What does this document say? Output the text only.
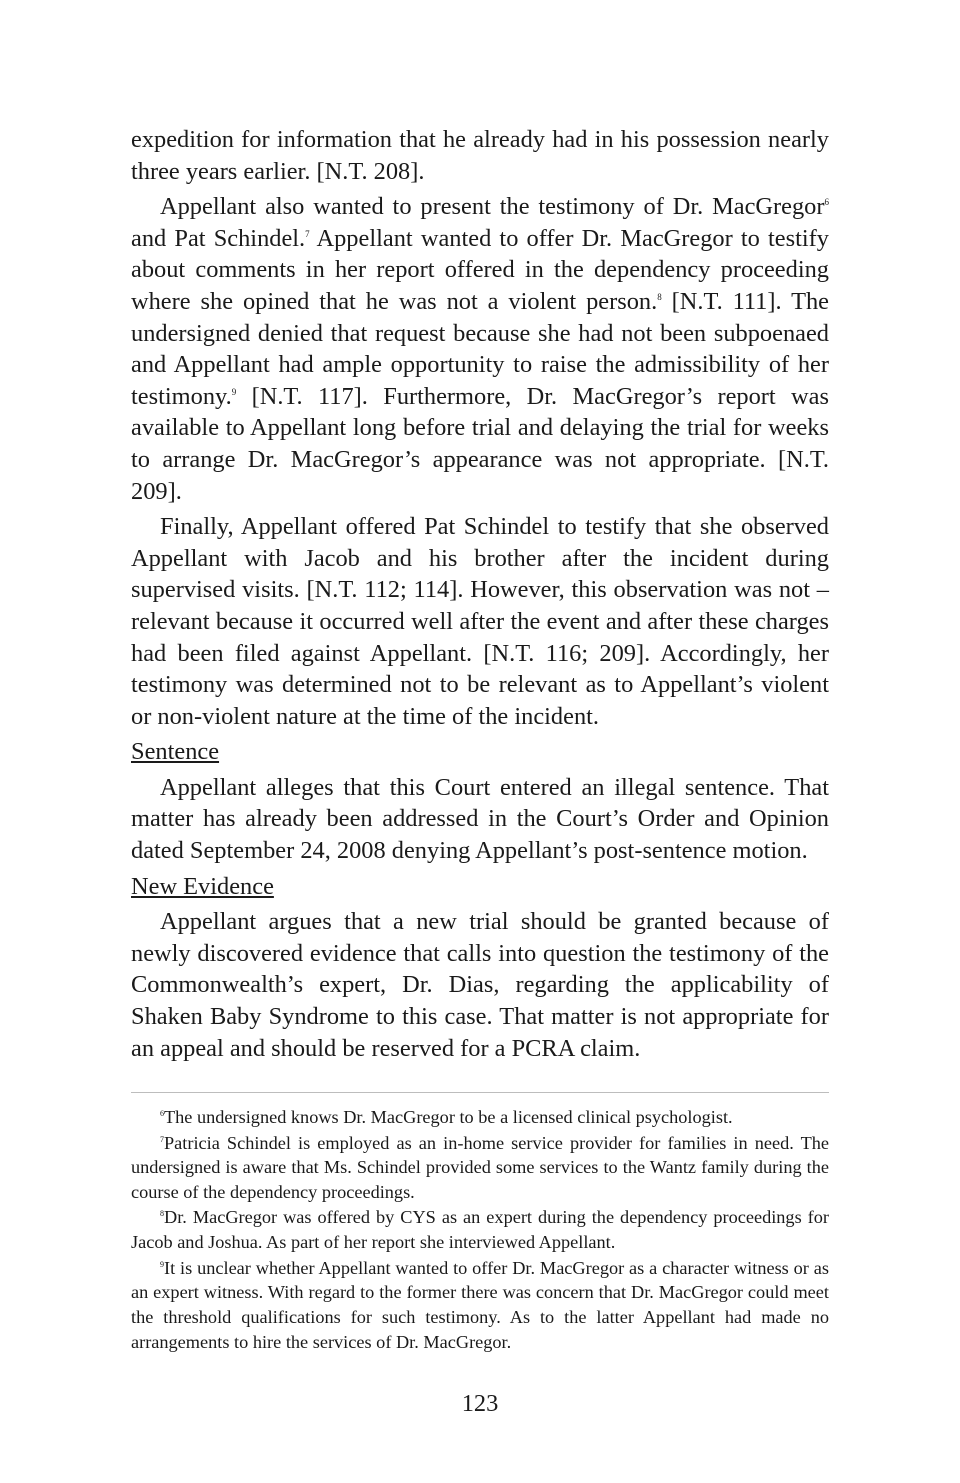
expedition for information that he already had in his possession nearly three years earlier. [N.T. 208].

Appellant also wanted to present the testimony of Dr. MacGregor$^6$ and Pat Schindel.$^7$ Appellant wanted to offer Dr. MacGregor to testify about comments in her report offered in the dependency proceeding where she opined that he was not a violent person.$^8$ [N.T. 111]. The undersigned denied that request because she had not been subpoenaed and Appellant had ample opportunity to raise the admissibility of her testimony.$^9$ [N.T. 117]. Furthermore, Dr. MacGregor’s report was available to Appellant long before trial and delaying the trial for weeks to arrange Dr. MacGregor’s appearance was not appropriate. [N.T. 209].

Finally, Appellant offered Pat Schindel to testify that she observed Appellant with Jacob and his brother after the incident during supervised visits. [N.T. 112; 114]. However, this observation was not –relevant because it occurred well after the event and after these charges had been filed against Appellant. [N.T. 116; 209]. Accordingly, her testimony was determined not to be relevant as to Appellant’s violent or non-violent nature at the time of the incident.

Sentence

Appellant alleges that this Court entered an illegal sentence. That matter has already been addressed in the Court’s Order and Opinion dated September 24, 2008 denying Appellant’s post-sentence motion.

New Evidence

Appellant argues that a new trial should be granted because of newly discovered evidence that calls into question the testimony of the Commonwealth’s expert, Dr. Dias, regarding the applicability of Shaken Baby Syndrome to this case. That matter is not appropriate for an appeal and should be reserved for a PCRA claim.

$^6$The undersigned knows Dr. MacGregor to be a licensed clinical psychologist.

$^7$Patricia Schindel is employed as an in-home service provider for families in need. The undersigned is aware that Ms. Schindel provided some services to the Wantz family during the course of the dependency proceedings.

$^8$Dr. MacGregor was offered by CYS as an expert during the dependency proceedings for Jacob and Joshua. As part of her report she interviewed Appellant.

$^9$It is unclear whether Appellant wanted to offer Dr. MacGregor as a character witness or as an expert witness. With regard to the former there was concern that Dr. MacGregor could meet the threshold qualifications for such testimony. As to the latter Appellant had made no arrangements to hire the services of Dr. MacGregor.

123
